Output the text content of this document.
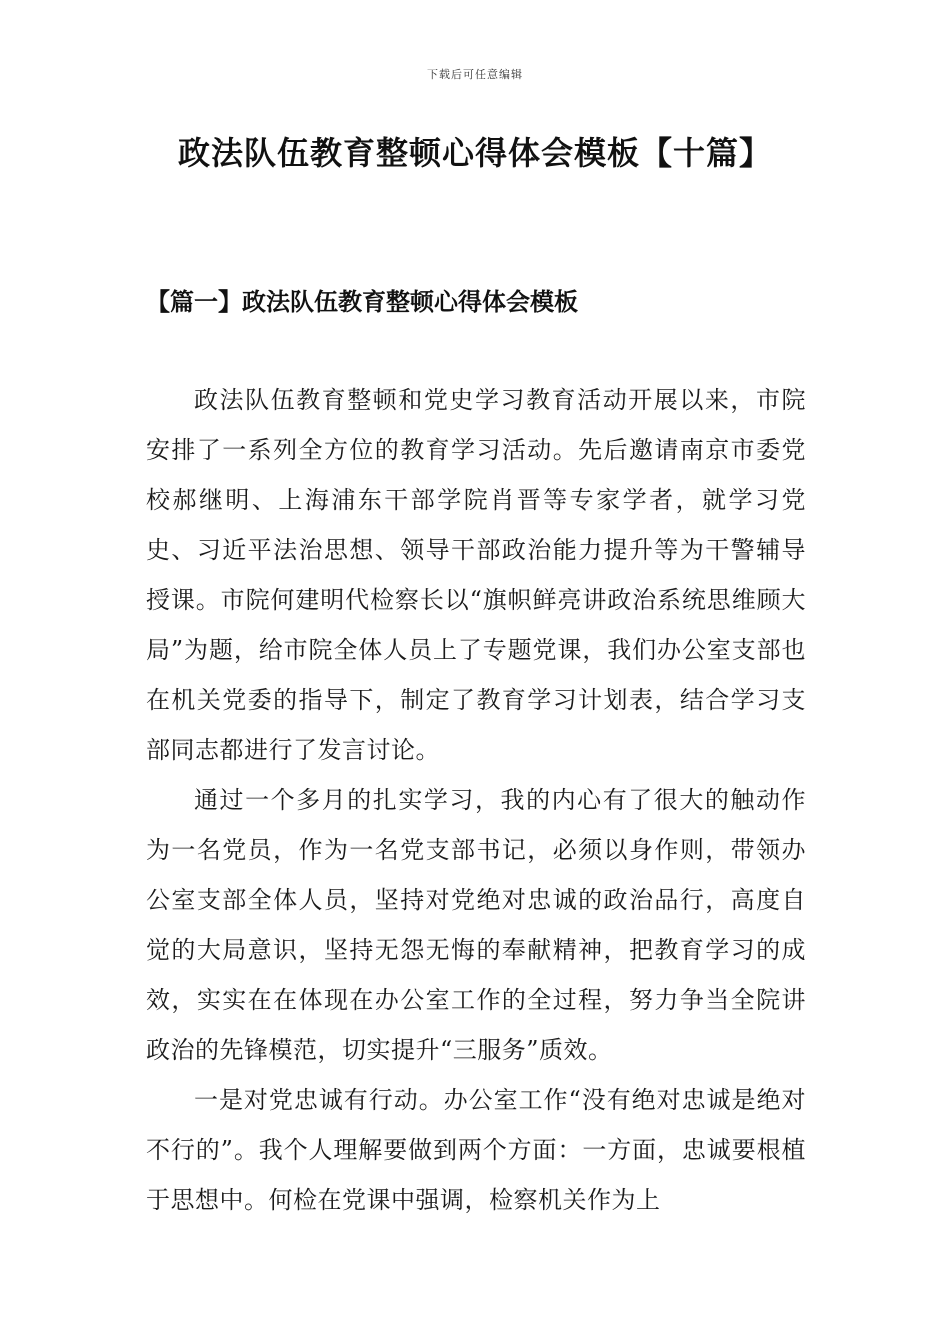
下载后可任意编辑
政法队伍教育整顿心得体会模板【十篇】
【篇一】政法队伍教育整顿心得体会模板

政法队伍教育整顿和党史学习教育活动开展以来，市院安排了一系列全方位的教育学习活动。先后邀请南京市委党校郝继明、上海浦东干部学院肖晋等专家学者，就学习党史、习近平法治思想、领导干部政治能力提升等为干警辅导授课。市院何建明代检察长以“旗帜鲜亮讲政治系统思维顾大局”为题，给市院全体人员上了专题党课，我们办公室支部也在机关党委的指导下，制定了教育学习计划表，结合学习支部同志都进行了发言讨论。

通过一个多月的扎实学习，我的内心有了很大的触动作为一名党员，作为一名党支部书记，必须以身作则，带领办公室支部全体人员，坚持对党绝对忠诚的政治品行，高度自觉的大局意识，坚持无怨无悔的奉献精神，把教育学习的成效，实实在在体现在办公室工作的全过程，努力争当全院讲政治的先锋模范，切实提升“三服务”质效。

一是对党忠诚有行动。办公室工作“没有绝对忠诚是绝对不行的”。我个人理解要做到两个方面：一方面，忠诚要根植于思想中。何检在党课中强调，检察机关作为上
